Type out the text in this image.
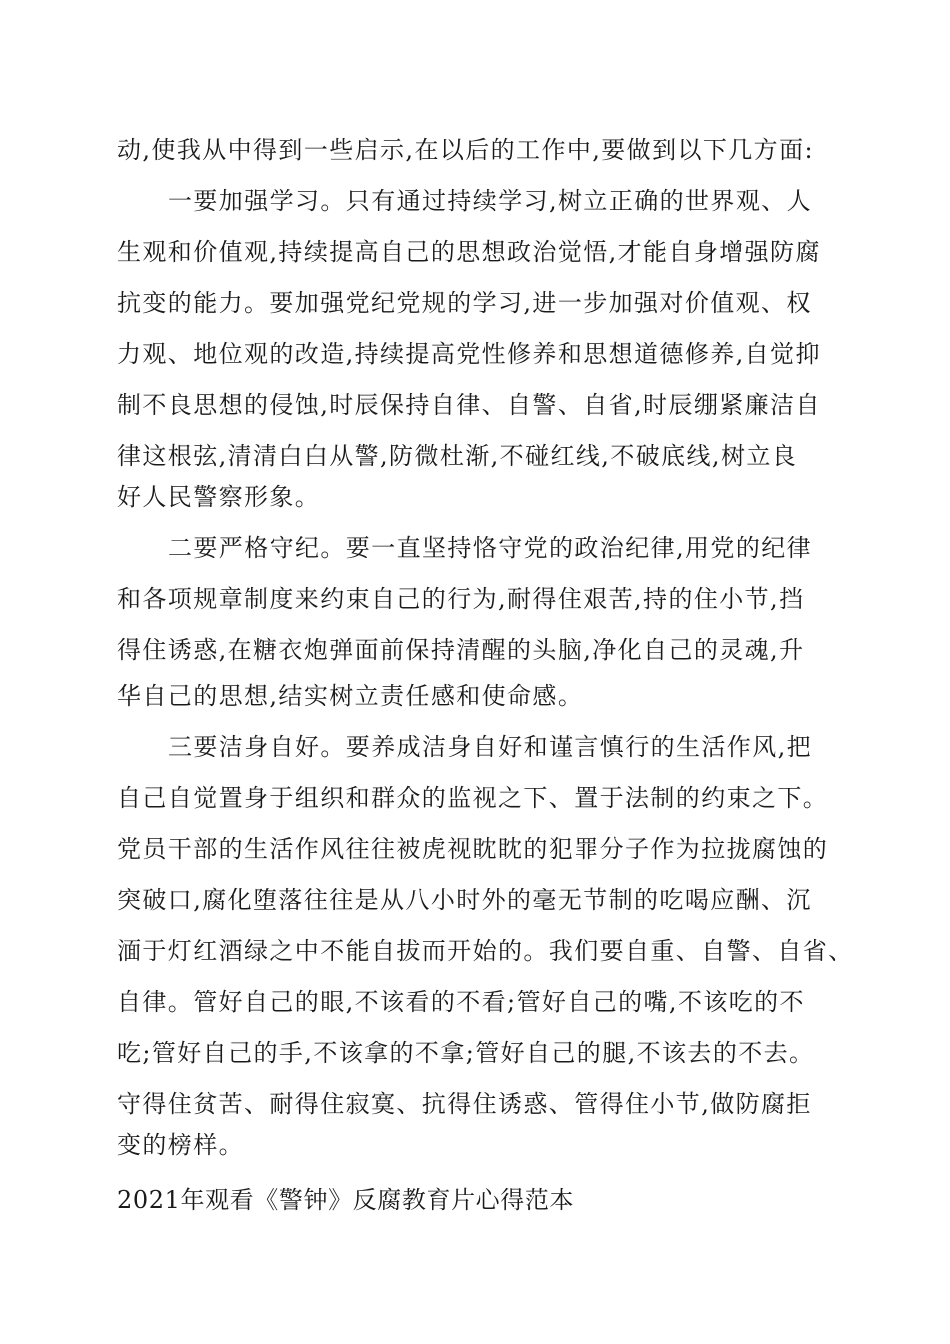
动,使我从中得到一些启示,在以后的工作中,要做到以下几方面:
一要加强学习。只有通过持续学习,树立正确的世界观、人
生观和价值观,持续提高自己的思想政治觉悟,才能自身增强防腐
抗变的能力。要加强党纪党规的学习,进一步加强对价值观、权
力观、地位观的改造,持续提高党性修养和思想道德修养,自觉抑
制不良思想的侵蚀,时辰保持自律、自警、自省,时辰绷紧廉洁自
律这根弦,清清白白从警,防微杜渐,不碰红线,不破底线,树立良
好人民警察形象。
二要严格守纪。要一直坚持恪守党的政治纪律,用党的纪律
和各项规章制度来约束自己的行为,耐得住艰苦,持的住小节,挡
得住诱惑,在糖衣炮弹面前保持清醒的头脑,净化自己的灵魂,升
华自己的思想,结实树立责任感和使命感。
三要洁身自好。要养成洁身自好和谨言慎行的生活作风,把
自己自觉置身于组织和群众的监视之下、置于法制的约束之下。
党员干部的生活作风往往被虎视眈眈的犯罪分子作为拉拢腐蚀的
突破口,腐化堕落往往是从八小时外的毫无节制的吃喝应酬、沉
湎于灯红酒绿之中不能自拔而开始的。我们要自重、自警、自省、
自律。管好自己的眼,不该看的不看;管好自己的嘴,不该吃的不
吃;管好自己的手,不该拿的不拿;管好自己的腿,不该去的不去。
守得住贫苦、耐得住寂寞、抗得住诱惑、管得住小节,做防腐拒
变的榜样。
2021年观看《警钟》反腐教育片心得范本
